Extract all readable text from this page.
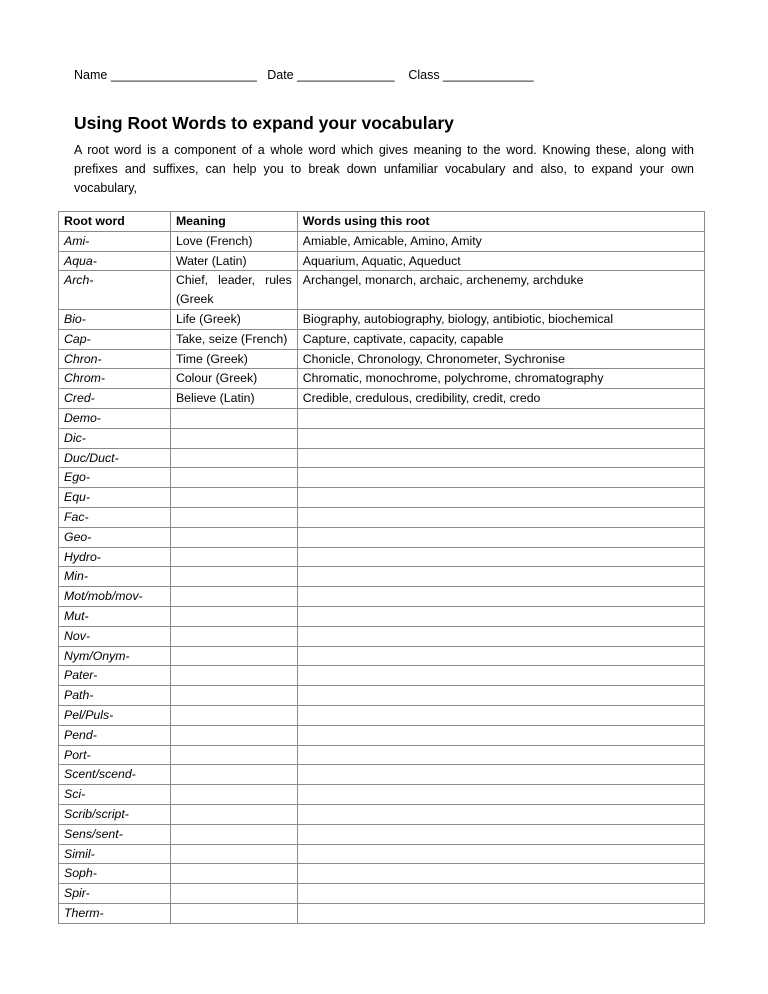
Name _____________________   Date ______________    Class _____________
Using Root Words to expand your vocabulary
A root word is a component of a whole word which gives meaning to the word. Knowing these, along with prefixes and suffixes, can help you to break down unfamiliar vocabulary and also, to expand your own vocabulary,
Root word	Meaning	Words using this root
Ami-	Love (French)	Amiable, Amicable, Amino, Amity
Aqua-	Water (Latin)	Aquarium, Aquatic, Aqueduct
Arch-	Chief, leader, rules (Greek	Archangel, monarch, archaic, archenemy, archduke
Bio-	Life (Greek)	Biography, autobiography, biology, antibiotic, biochemical
Cap-	Take, seize (French)	Capture, captivate, capacity, capable
Chron-	Time (Greek)	Chonicle, Chronology, Chronometer, Sychronise
Chrom-	Colour (Greek)	Chromatic, monochrome, polychrome, chromatography
Cred-	Believe (Latin)	Credible, credulous, credibility, credit, credo
Demo-		
Dic-		
Duc/Duct-		
Ego-		
Equ-		
Fac-		
Geo-		
Hydro-		
Min-		
Mot/mob/mov-		
Mut-		
Nov-		
Nym/Onym-		
Pater-		
Path-		
Pel/Puls-		
Pend-		
Port-		
Scent/scend-		
Sci-		
Scrib/script-		
Sens/sent-		
Simil-		
Soph-		
Spir-		
Therm-		
